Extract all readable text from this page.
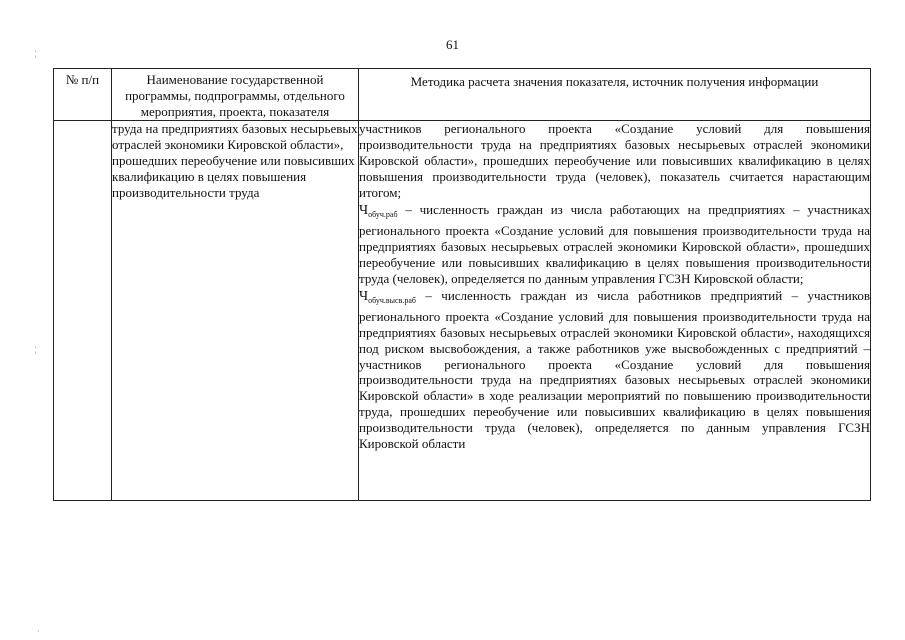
61
¦
¦
·
№ п/п	Наименование государственной программы, подпрограммы, отдельного мероприятия, проекта, показателя	Методика расчета значения показателя, источник получения информации
	труда на предприятиях базовых несырьевых отраслей экономики Кировской области», прошедших переобучение или повысивших квалификацию в целях повышения производительности труда	участников регионального проекта «Создание условий для повышения производительности труда на предприятиях базовых несырьевых отраслей экономики Кировской области», прошедших переобучение или повысивших квалификацию в целях повышения производительности труда (человек), показатель считается нарастающим итогом;

$Ч_{обуч.раб}$ – численность граждан из числа работающих на предприятиях – участниках регионального проекта «Создание условий для повышения производительности труда на предприятиях базовых несырьевых отраслей экономики Кировской области», прошедших переобучение или повысивших квалификацию в целях повышения производительности труда (человек), определяется по данным управления ГСЗН Кировской области;

$Ч_{обуч.высв.раб}$ – численность граждан из числа работников предприятий – участников регионального проекта «Создание условий для повышения производительности труда на предприятиях базовых несырьевых отраслей экономики Кировской области», находящихся под риском высвобождения, а также работников уже высвобожденных с предприятий – участников регионального проекта «Создание условий для повышения производительности труда на предприятиях базовых несырьевых отраслей экономики Кировской области» в ходе реализации мероприятий по повышению производительности труда, прошедших переобучение или повысивших квалификацию в целях повышения производительности труда (человек), определяется по данным управления ГСЗН Кировской области
